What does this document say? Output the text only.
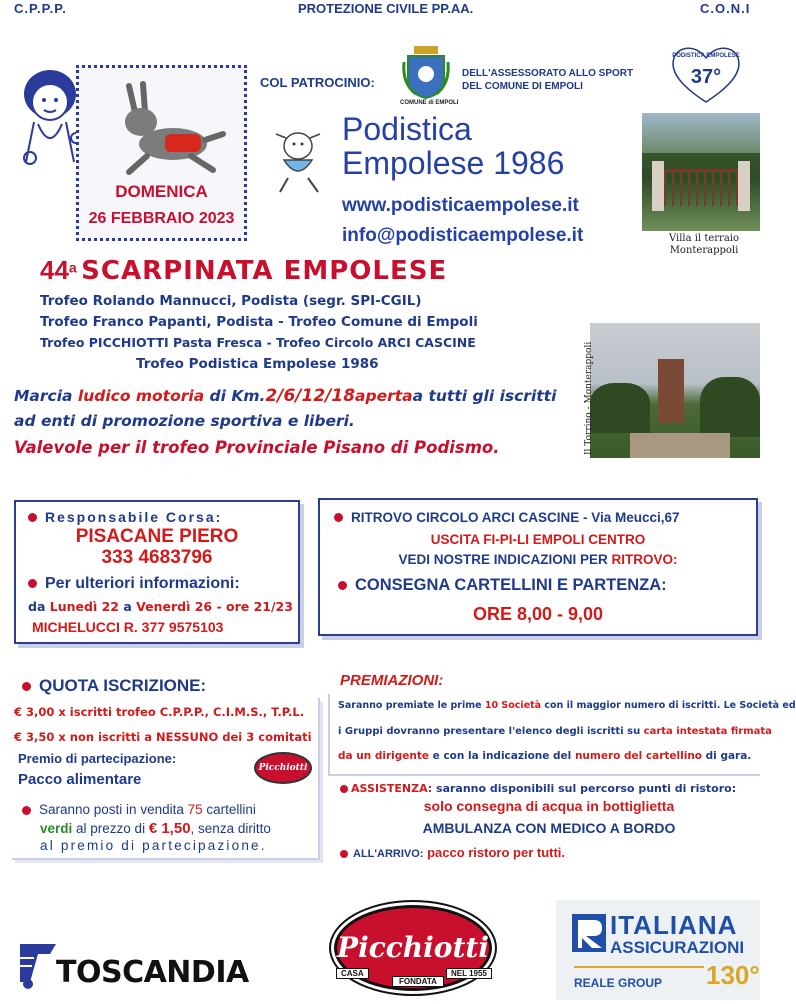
C.P.P.P.	PROTEZIONE CIVILE PP.AA.	C.O.N.I
DOMENICA
26 FEBBRAIO 2023
COL PATROCINIO:
COMUNE di EMPOLI
DELL'ASSESSORATO ALLO SPORT
DEL COMUNE DI EMPOLI
PODISTICA EMPOLESE
37°
Podistica
Empolese 1986
www.podisticaempolese.it
info@podisticaempolese.it	Villa il terraio
Monterappoli
44$^a$ SCARPINATA EMPOLESE
Trofeo Rolando Mannucci, Podista (segr. SPI-CGIL)
Trofeo Franco Papanti, Podista - Trofeo Comune di Empoli
Trofeo PICCHIOTTI Pasta Fresca - Trofeo Circolo ARCI CASCINE
Trofeo Podistica Empolese 1986	Il Torrino - Monterappoli
Marcia ludico motoria di Km.2/6/12/18apertaa tutti gli iscritti
ad enti di promozione sportiva e liberi.
Valevole per il trofeo Provinciale Pisano di Podismo.
Responsabile Corsa:
PISACANE PIERO
333 4683796
Per ulteriori informazioni:
da Lunedì 22 a Venerdì 26 - ore 21/23
MICHELUCCI R. 377 9575103
RITROVO CIRCOLO ARCI CASCINE - Via Meucci,67
USCITA FI-PI-LI EMPOLI CENTRO
VEDI NOSTRE INDICAZIONI PER RITROVO:
CONSEGNA CARTELLINI E PARTENZA:
ORE 8,00 - 9,00
QUOTA ISCRIZIONE:
€ 3,00 x iscritti trofeo C.P.P.P., C.I.M.S., T.P.L.
€ 3,50 x non iscritti a NESSUNO dei 3 comitati
Premio di partecipazione:
Pacco alimentare
Picchiotti
Saranno posti in vendita 75 cartellini
verdi al prezzo di € 1,50, senza diritto
al premio di partecipazione.
PREMIAZIONI:
Saranno premiate le prime 10 Società con il maggior numero di iscritti. Le Società ed
i Gruppi dovranno presentare l'elenco degli iscritti su carta intestata firmata
da un dirigente e con la indicazione del numero del cartellino di gara.
ASSISTENZA: saranno disponibili sul percorso punti di ristoro:
solo consegna di acqua in bottiglietta
AMBULANZA CON MEDICO A BORDO
ALL'ARRIVO: pacco ristoro per tutti.
TOSCANDIA
Picchiotti
CASA
FONDATA
NEL 1955
ITALIANA
ASSICURAZIONI
REALE GROUP 130°
